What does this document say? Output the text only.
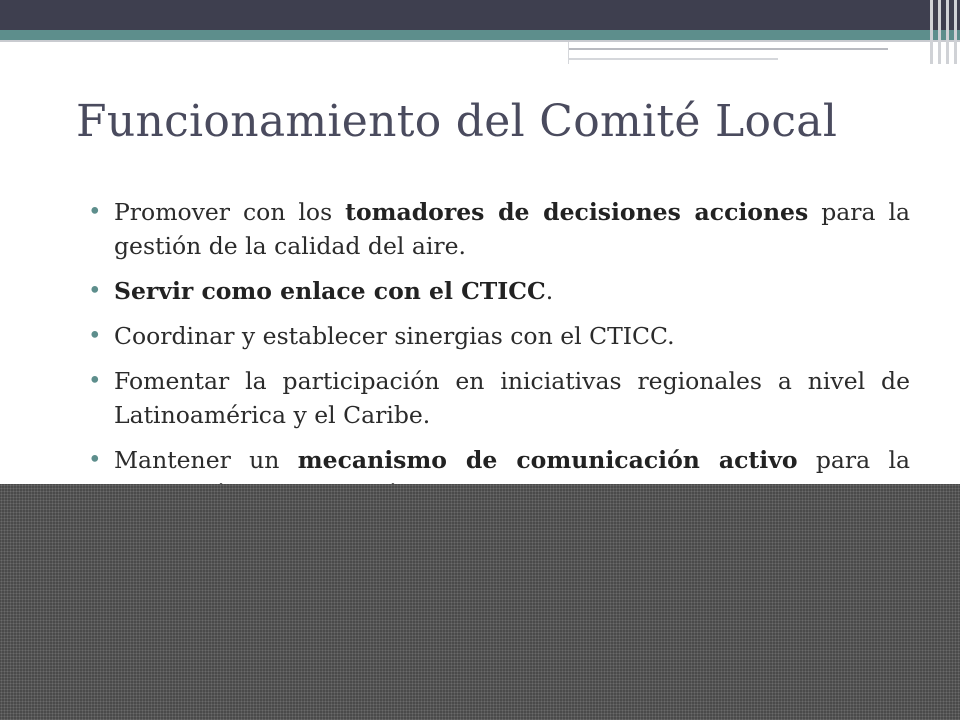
Funcionamiento del Comité Local

• Promover con los tomadores de decisiones acciones para la gestión de la calidad del aire.

• Servir como enlace con el CTICC.

• Coordinar y establecer sinergias con el CTICC.

• Fomentar la participación en iniciativas regionales a nivel de Latinoamérica y el Caribe.

• Mantener un mecanismo de comunicación activo para la
